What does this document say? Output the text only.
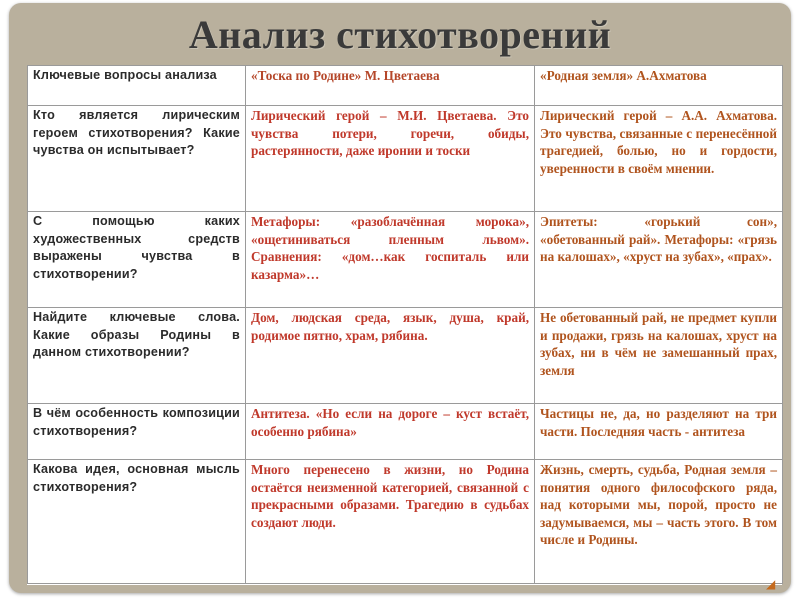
Анализ стихотворений
Ключевые вопросы анализа	«Тоска по Родине» М. Цветаева	«Родная земля» А.Ахматова
Кто является лирическим героем стихотворения? Какие чувства он испытывает?	Лирический герой – М.И. Цветаева. Это чувства потери, горечи, обиды, растерянности, даже иронии и тоски	Лирический герой – А.А. Ахматова. Это чувства, связанные с перенесённой трагедией, болью, но и гордости, уверенности в своём мнении.
С помощью каких художественных средств выражены чувства в стихотворении?	Метафоры: «разоблачённая морока», «ощетиниваться пленным львом». Сравнения: «дом…как госпиталь или казарма»…	Эпитеты: «горький сон», «обетованный рай». Метафоры: «грязь на калошах», «хруст на зубах», «прах».
Найдите ключевые слова. Какие образы Родины в данном стихотворении?	Дом, людская среда, язык, душа, край, родимое пятно, храм, рябина.	Не обетованный рай, не предмет купли и продажи, грязь на калошах, хруст на зубах, ни в чём не замешанный прах, земля
В чём особенность композиции стихотворения?	Антитеза. «Но если на дороге – куст встаёт, особенно рябина»	Частицы не, да, но разделяют на три части. Последняя часть - антитеза
Какова идея, основная мысль стихотворения?	Много перенесено в жизни, но Родина остаётся неизменной категорией, связанной с прекрасными образами. Трагедию в судьбах создают люди.	Жизнь, смерть, судьба, Родная земля – понятия одного философского ряда, над которыми мы, порой, просто не задумываемся, мы – часть этого. В том числе и Родины.
◢
